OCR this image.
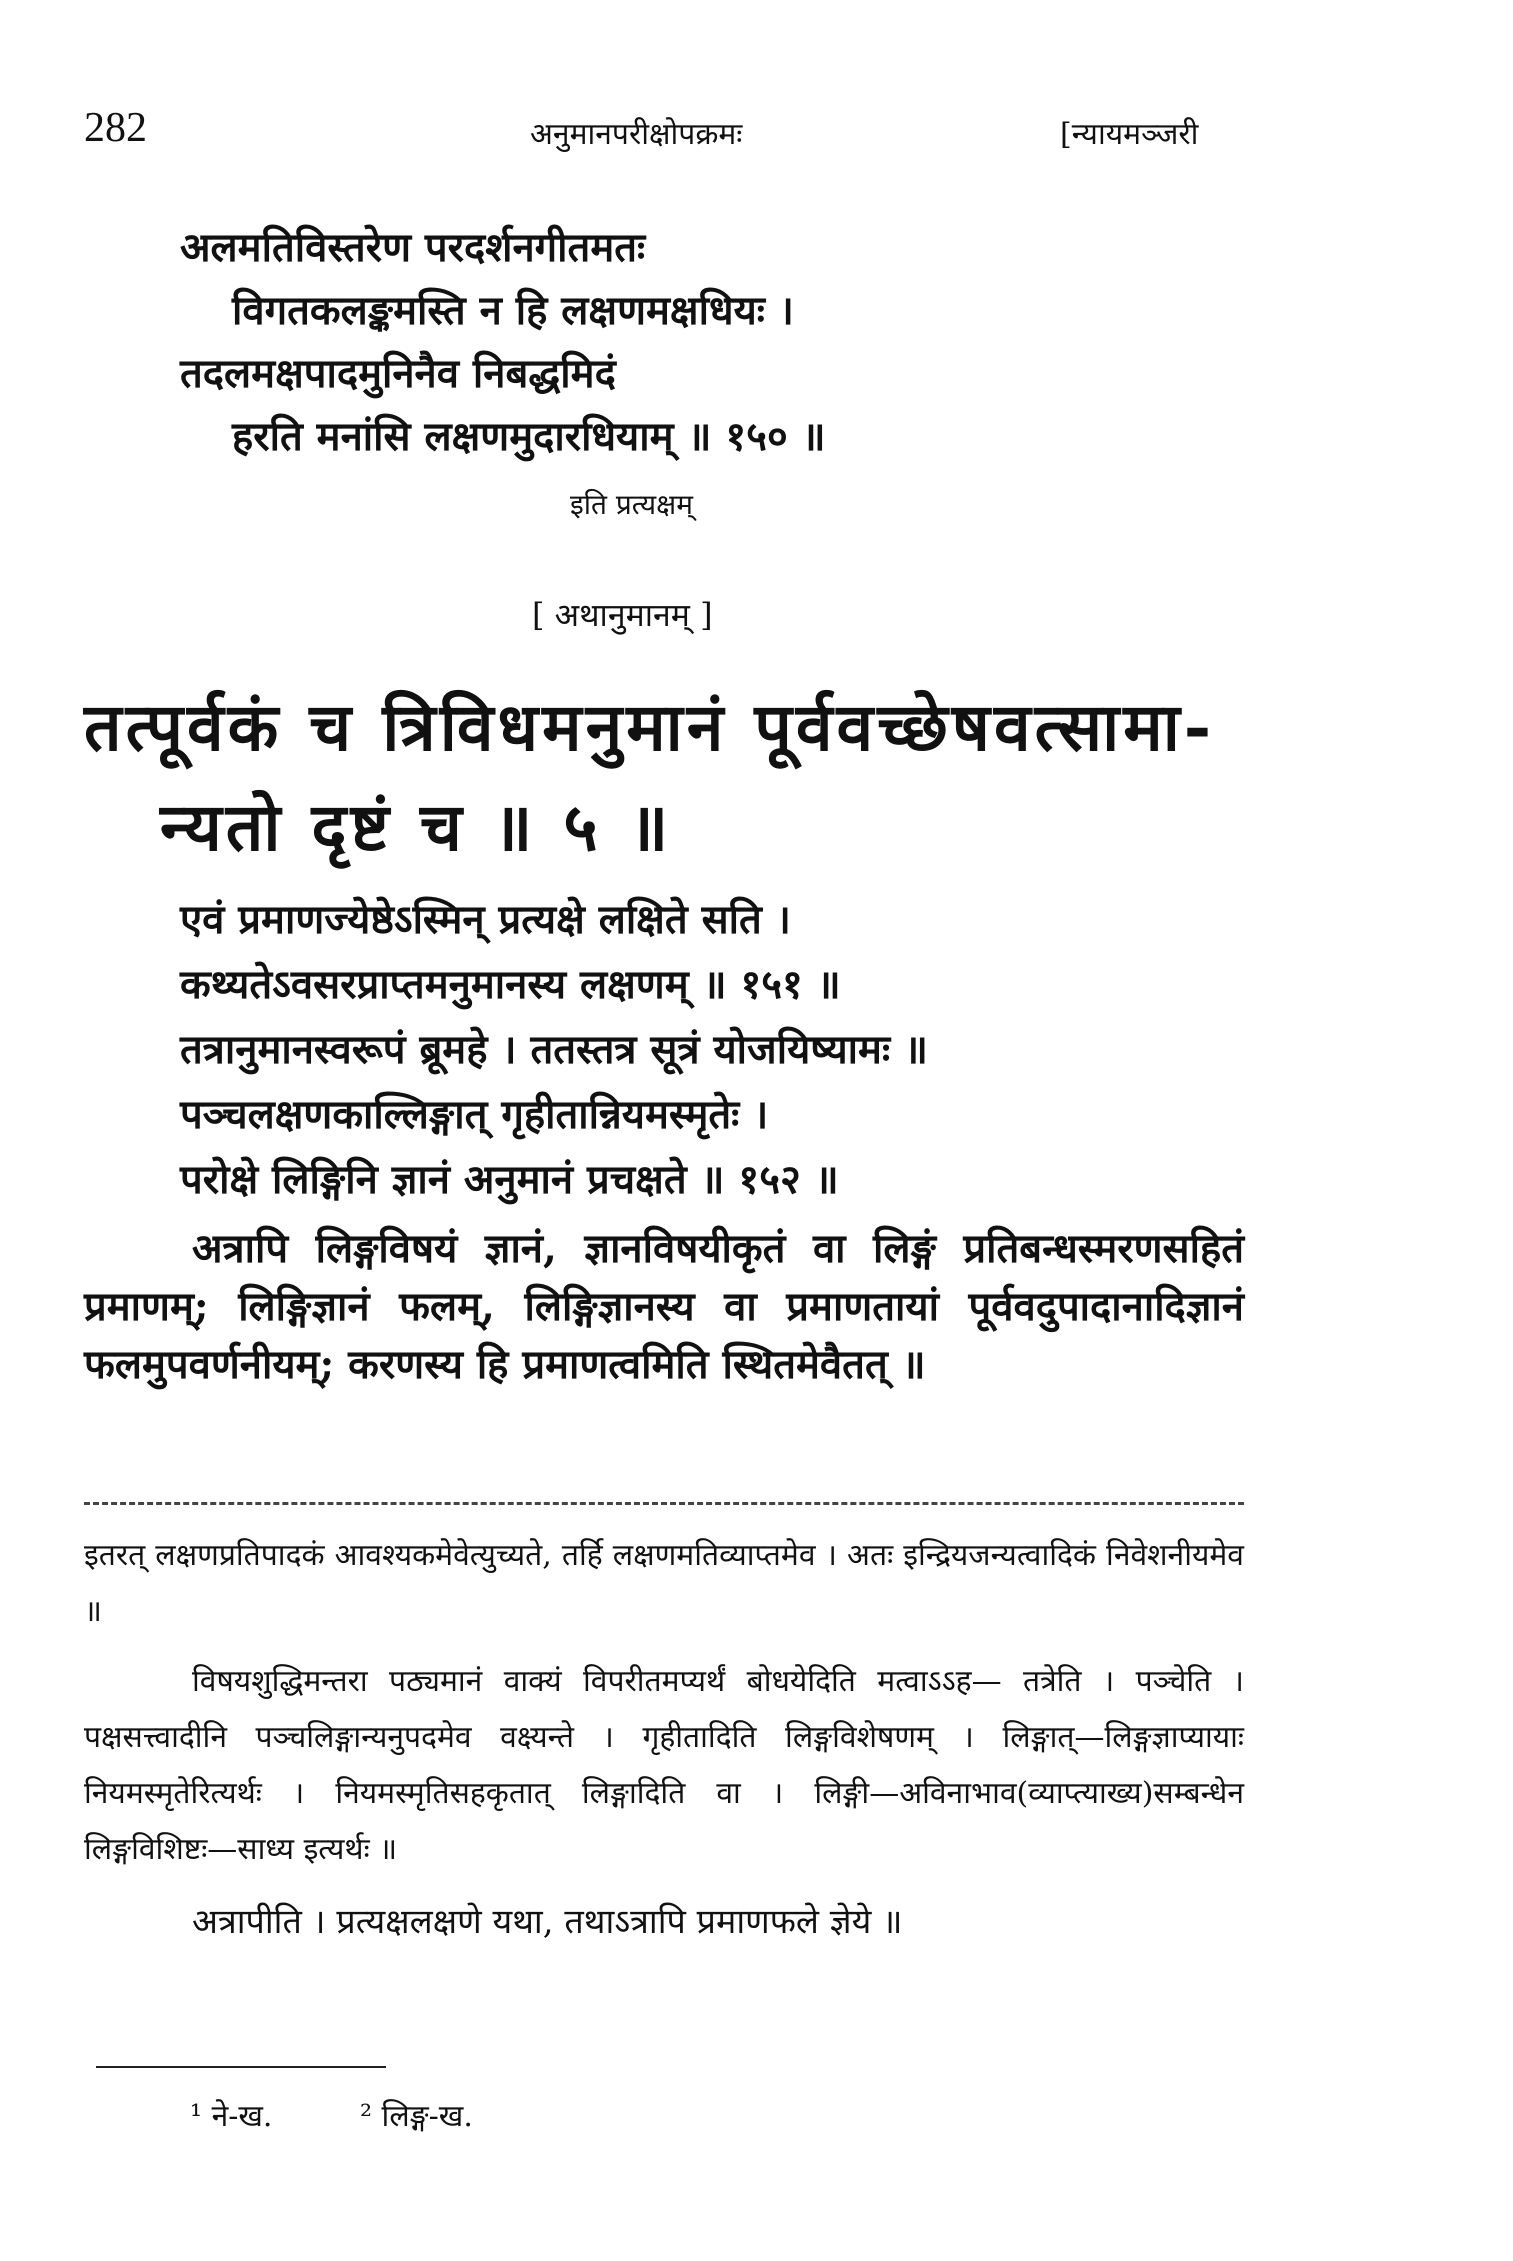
282	अनुमानपरीक्षोपक्रमः	[न्यायमञ्जरी
अलमतिविस्तरेण परदर्शनगीतमतः
विगतकलङ्कमस्ति न हि लक्षणमक्षधियः ।
तदलमक्षपादमुनिनैव निबद्धमिदं
हरति मनांसि लक्षणमुदारधियाम् ॥ १५० ॥
इति प्रत्यक्षम्
[ अथानुमानम् ]
तत्पूर्वकं च त्रिविधमनुमानं पूर्ववच्छेषवत्सामा-
न्यतो दृष्टं च ॥ ५ ॥
एवं प्रमाणज्येष्ठेऽस्मिन् प्रत्यक्षे लक्षिते सति ।
कथ्यतेऽवसरप्राप्तमनुमानस्य लक्षणम् ॥ १५१ ॥
तत्रानुमानस्वरूपं ब्रूमहे । ततस्तत्र सूत्रं योजयिष्यामः ॥
पञ्चलक्षणकाल्लिङ्गात् गृहीतान्नियमस्मृतेः ।
परोक्षे लिङ्गिनि ज्ञानं अनुमानं प्रचक्षते ॥ १५२ ॥

अत्रापि लिङ्गविषयं ज्ञानं, ज्ञानविषयीकृतं वा लिङ्गं प्रतिबन्धस्मरणसहितं प्रमाणम्; लिङ्गिज्ञानं फलम्, लिङ्गिज्ञानस्य वा प्रमाणतायां पूर्ववदुपादानादिज्ञानं फलमुपवर्णनीयम्; करणस्य हि प्रमाणत्वमिति स्थितमेवैतत् ॥

इतरत् लक्षणप्रतिपादकं आवश्यकमेवेत्युच्यते, तर्हि लक्षणमतिव्याप्तमेव । अतः इन्द्रियजन्यत्वादिकं निवेशनीयमेव ॥

विषयशुद्धिमन्तरा पठ्यमानं वाक्यं विपरीतमप्यर्थं बोधयेदिति मत्वाऽऽह— तत्रेति । पञ्चेति । पक्षसत्त्वादीनि पञ्चलिङ्गान्यनुपदमेव वक्ष्यन्ते । गृहीतादिति लिङ्गविशेषणम् । लिङ्गात्—लिङ्गज्ञाप्यायाः नियमस्मृतेरित्यर्थः । नियमस्मृतिसहकृतात् लिङ्गादिति वा । लिङ्गी—अविनाभाव(व्याप्त्याख्य)सम्बन्धेन लिङ्गविशिष्टः—साध्य इत्यर्थः ॥

अत्रापीति । प्रत्यक्षलक्षणे यथा, तथाऽत्रापि प्रमाणफले ज्ञेये ॥

¹ ने-ख.	² लिङ्ग-ख.
